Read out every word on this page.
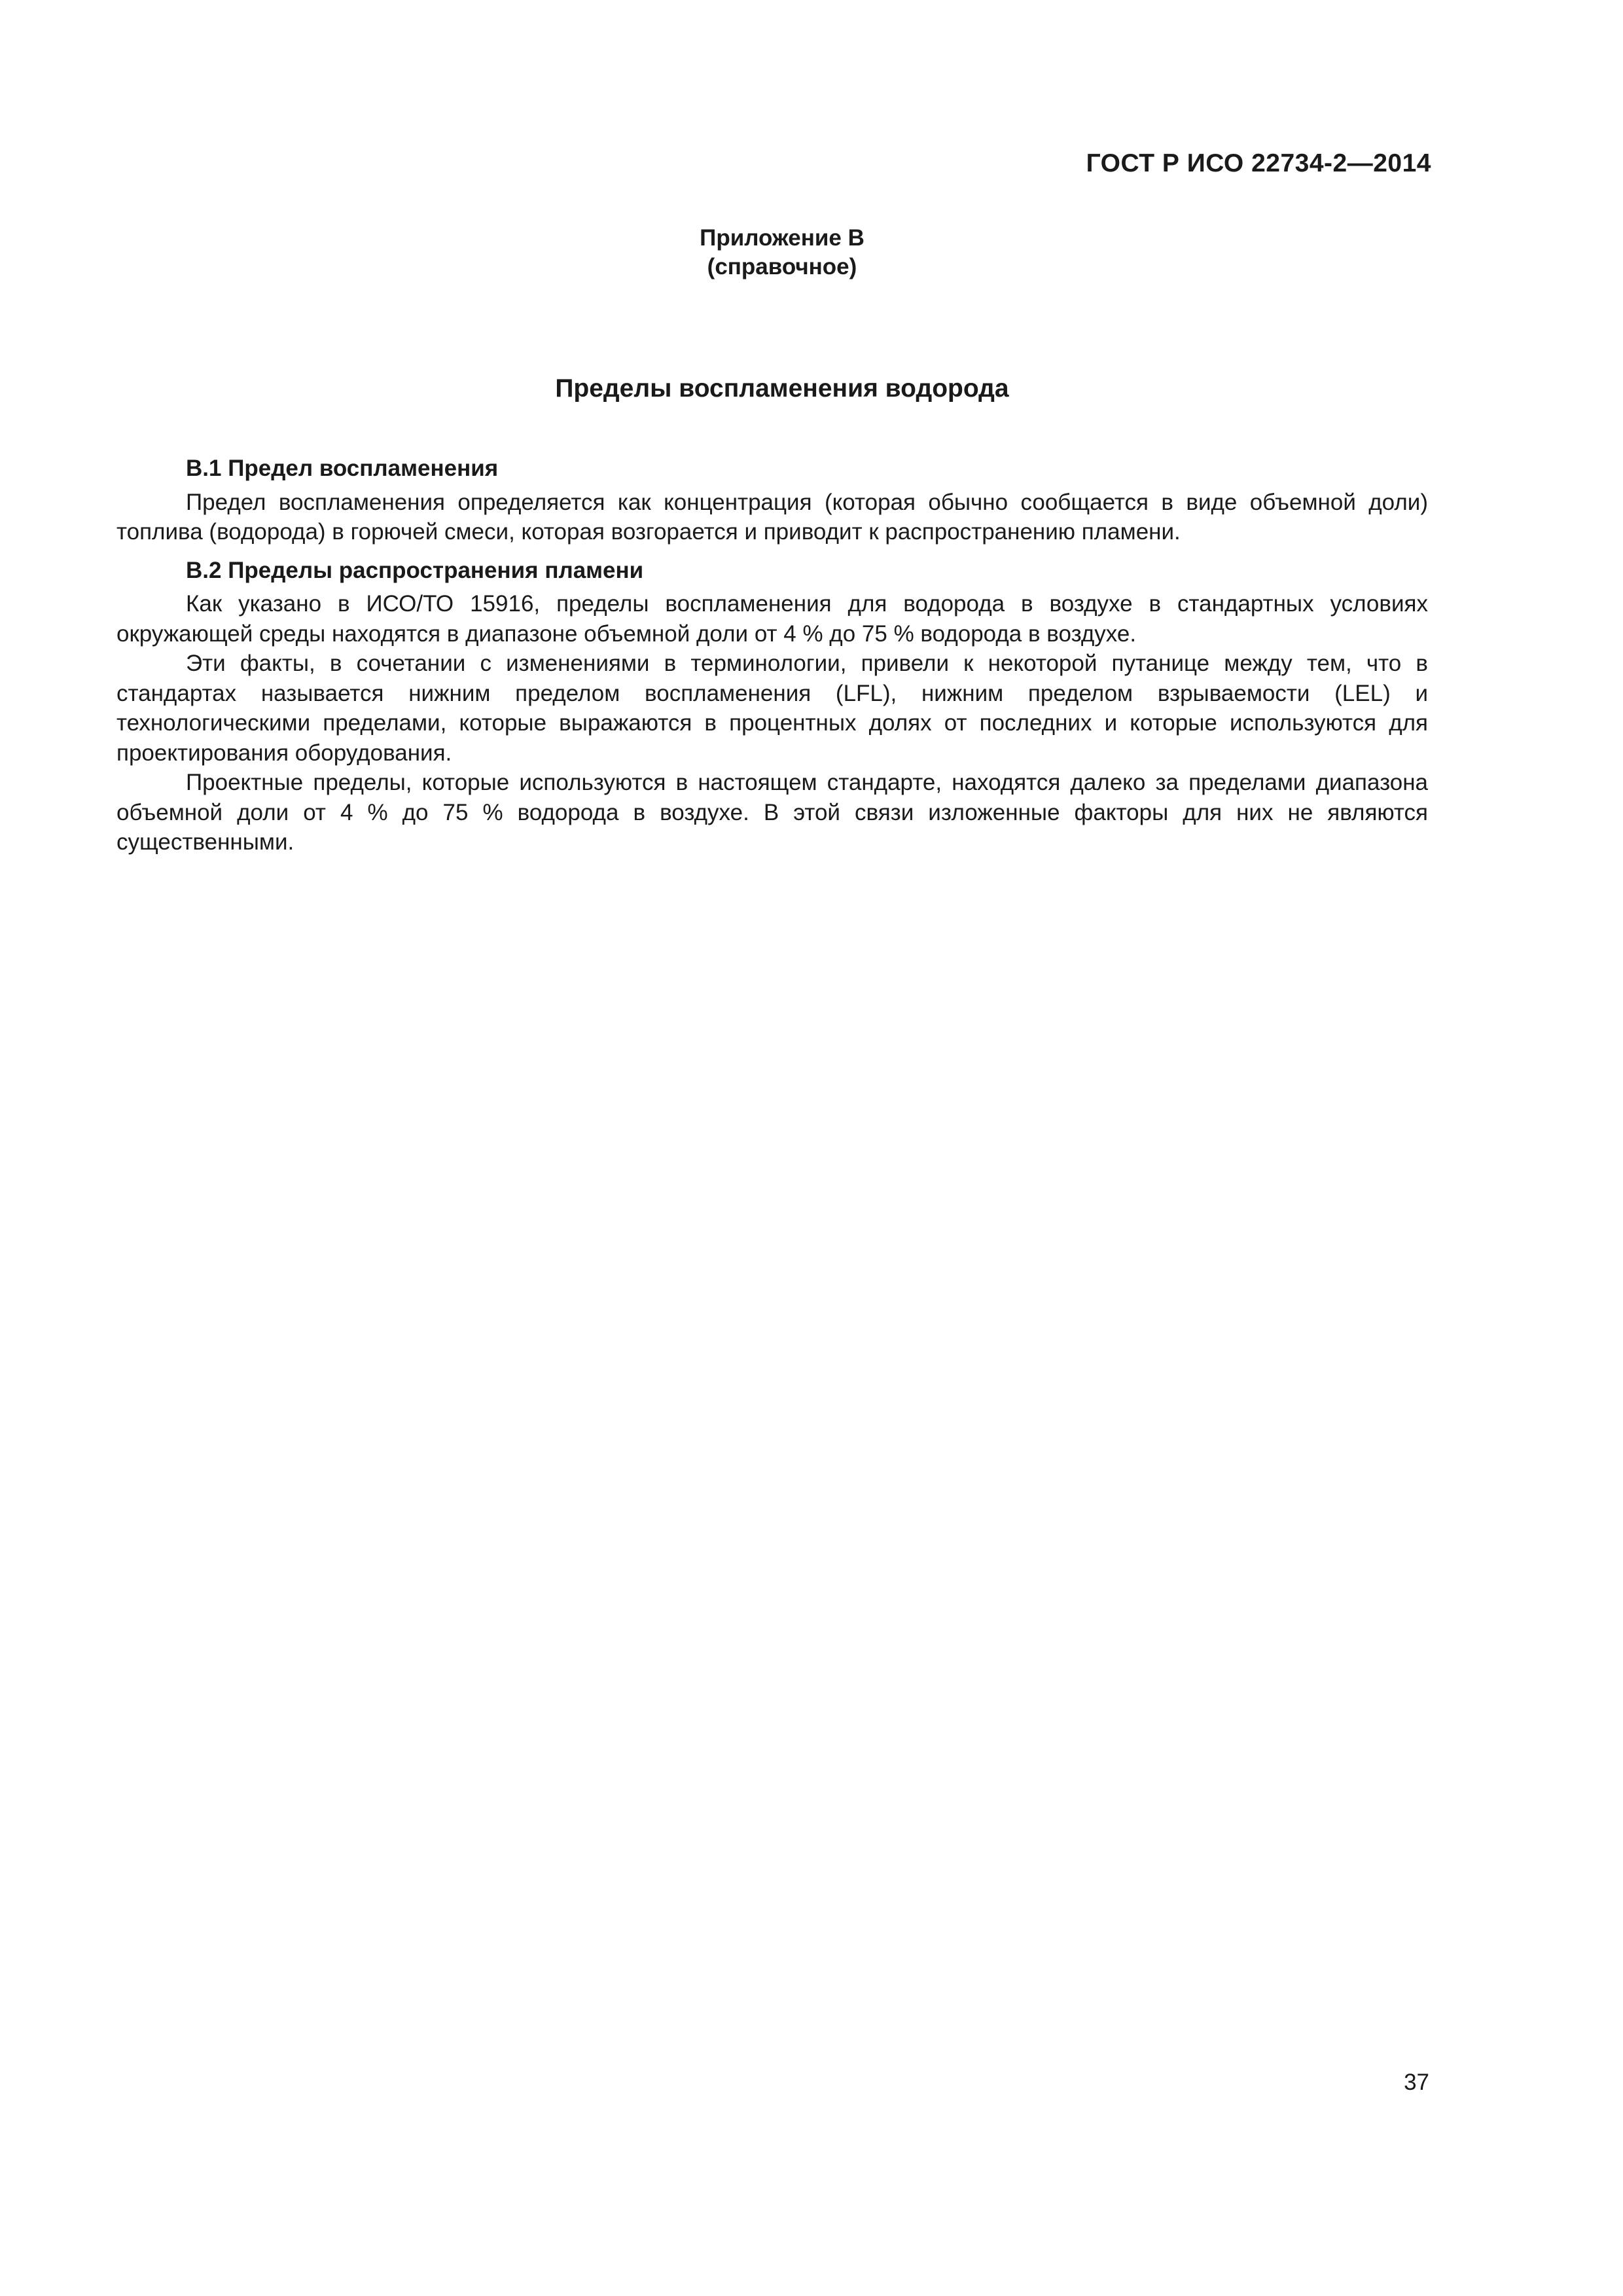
ГОСТ Р ИСО 22734-2—2014
Приложение В
(справочное)
Пределы воспламенения водорода

В.1 Предел воспламенения

Предел воспламенения определяется как концентрация (которая обычно сообщается в виде объемной доли) топлива (водорода) в горючей смеси, которая возгорается и приводит к распространению пламени.

В.2 Пределы распространения пламени

Как указано в ИСО/ТО 15916, пределы воспламенения для водорода в воздухе в стандартных условиях окружающей среды находятся в диапазоне объемной доли от 4 % до 75 % водорода в воздухе.

Эти факты, в сочетании с изменениями в терминологии, привели к некоторой путанице между тем, что в стандартах называется нижним пределом воспламенения (LFL), нижним пределом взрываемости (LEL) и технологическими пределами, которые выражаются в процентных долях от последних и которые используются для проектирования оборудования.

Проектные пределы, которые используются в настоящем стандарте, находятся далеко за пределами диапазона объемной доли от 4 % до 75 % водорода в воздухе. В этой связи изложенные факторы для них не являются существенными.

37
